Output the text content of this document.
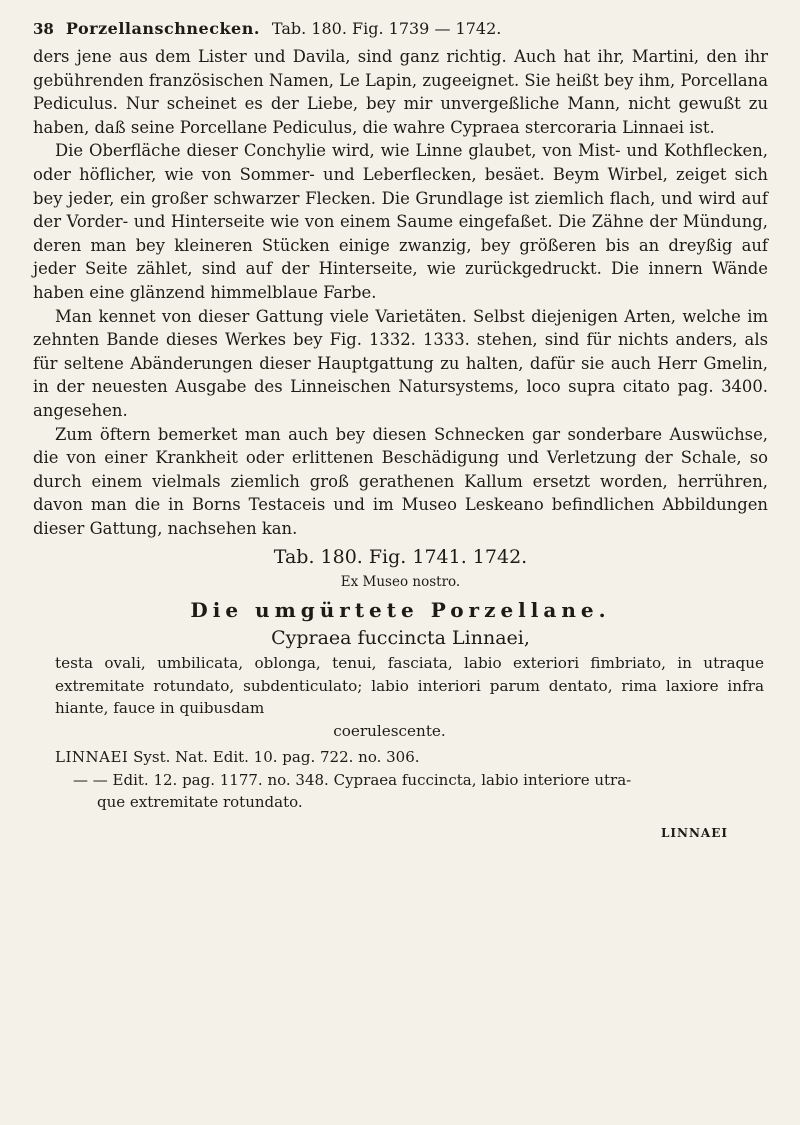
38 Porzellanschnecken. Tab. 180. Fig. 1739 — 1742.

ders jene aus dem Lister und Davila, sind ganz richtig. Auch hat ihr, Martini, den ihr gebührenden französischen Namen, Le Lapin, zugeeignet. Sie heißt bey ihm, Porcellana Pediculus. Nur scheinet es der Liebe, bey mir unvergeßliche Mann, nicht gewußt zu haben, daß seine Porcellane Pediculus, die wahre Cypraea stercoraria Linnaei ist.

Die Oberfläche dieser Conchylie wird, wie Linne glaubet, von Mist- und Kothflecken, oder höflicher, wie von Sommer- und Leberflecken, besäet. Beym Wirbel, zeiget sich bey jeder, ein großer schwarzer Flecken. Die Grundlage ist ziemlich flach, und wird auf der Vorder- und Hinterseite wie von einem Saume eingefaßet. Die Zähne der Mündung, deren man bey kleineren Stücken einige zwanzig, bey größeren bis an dreyßig auf jeder Seite zählet, sind auf der Hinterseite, wie zurückgedruckt. Die innern Wände haben eine glänzend himmelblaue Farbe.

Man kennet von dieser Gattung viele Varietäten. Selbst diejenigen Arten, welche im zehnten Bande dieses Werkes bey Fig. 1332. 1333. stehen, sind für nichts anders, als für seltene Abänderungen dieser Hauptgattung zu halten, dafür sie auch Herr Gmelin, in der neuesten Ausgabe des Linneischen Natursystems, loco supra citato pag. 3400. angesehen.

Zum öftern bemerket man auch bey diesen Schnecken gar sonderbare Auswüchse, die von einer Krankheit oder erlittenen Beschädigung und Verletzung der Schale, so durch einem vielmals ziemlich groß gerathenen Kallum ersetzt worden, herrühren, davon man die in Borns Testaceis und im Museo Leskeano befindlichen Abbildungen dieser Gattung, nachsehen kan.

Tab. 180. Fig. 1741. 1742.
Ex Museo nostro.
Die umgürtete Porzellane.
Cypraea fuccincta Linnaei,
testa ovali, umbilicata, oblonga, tenui, fasciata, labio exteriori fimbriato, in utraque extremitate rotundato, subdenticulato; labio interiori parum dentato, rima laxiore infra hiante, fauce in quibusdam
coerulescente.
LINNAEI Syst. Nat. Edit. 10. pag. 722. no. 306.
— — Edit. 12. pag. 1177. no. 348. Cypraea fuccincta, labio interiore utra-
que extremitate rotundato.
LINNAEI
